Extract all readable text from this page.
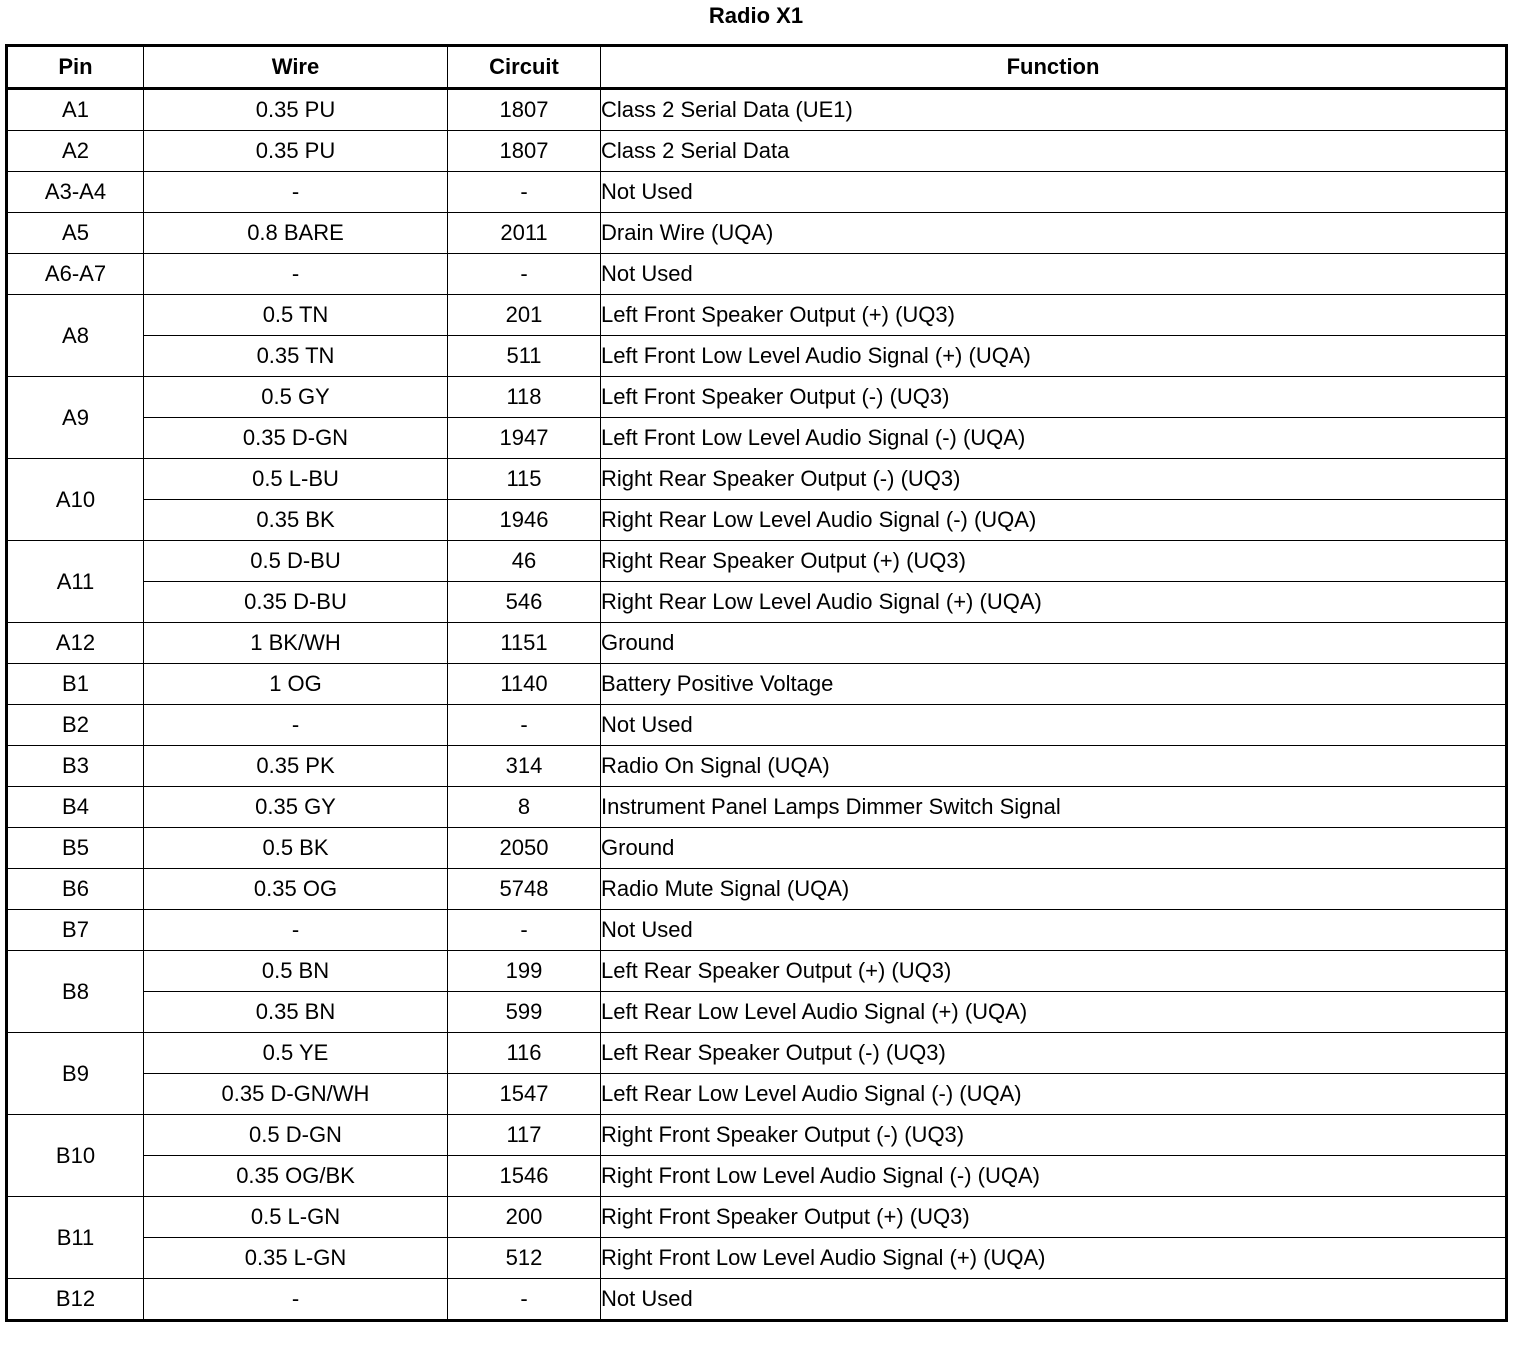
Radio X1
Pin	Wire	Circuit	Function
A1	0.35 PU	1807	Class 2 Serial Data (UE1)
A2	0.35 PU	1807	Class 2 Serial Data
A3-A4	-	-	Not Used
A5	0.8 BARE	2011	Drain Wire (UQA)
A6-A7	-	-	Not Used
A8	0.5 TN	201	Left Front Speaker Output (+) (UQ3)
	0.35 TN	511	Left Front Low Level Audio Signal (+) (UQA)
A9	0.5 GY	118	Left Front Speaker Output (-) (UQ3)
	0.35 D-GN	1947	Left Front Low Level Audio Signal (-) (UQA)
A10	0.5 L-BU	115	Right Rear Speaker Output (-) (UQ3)
	0.35 BK	1946	Right Rear Low Level Audio Signal (-) (UQA)
A11	0.5 D-BU	46	Right Rear Speaker Output (+) (UQ3)
	0.35 D-BU	546	Right Rear Low Level Audio Signal (+) (UQA)
A12	1 BK/WH	1151	Ground
B1	1 OG	1140	Battery Positive Voltage
B2	-	-	Not Used
B3	0.35 PK	314	Radio On Signal (UQA)
B4	0.35 GY	8	Instrument Panel Lamps Dimmer Switch Signal
B5	0.5 BK	2050	Ground
B6	0.35 OG	5748	Radio Mute Signal (UQA)
B7	-	-	Not Used
B8	0.5 BN	199	Left Rear Speaker Output (+) (UQ3)
	0.35 BN	599	Left Rear Low Level Audio Signal (+) (UQA)
B9	0.5 YE	116	Left Rear Speaker Output (-) (UQ3)
	0.35 D-GN/WH	1547	Left Rear Low Level Audio Signal (-) (UQA)
B10	0.5 D-GN	117	Right Front Speaker Output (-) (UQ3)
	0.35 OG/BK	1546	Right Front Low Level Audio Signal (-) (UQA)
B11	0.5 L-GN	200	Right Front Speaker Output (+) (UQ3)
	0.35 L-GN	512	Right Front Low Level Audio Signal (+) (UQA)
B12	-	-	Not Used
